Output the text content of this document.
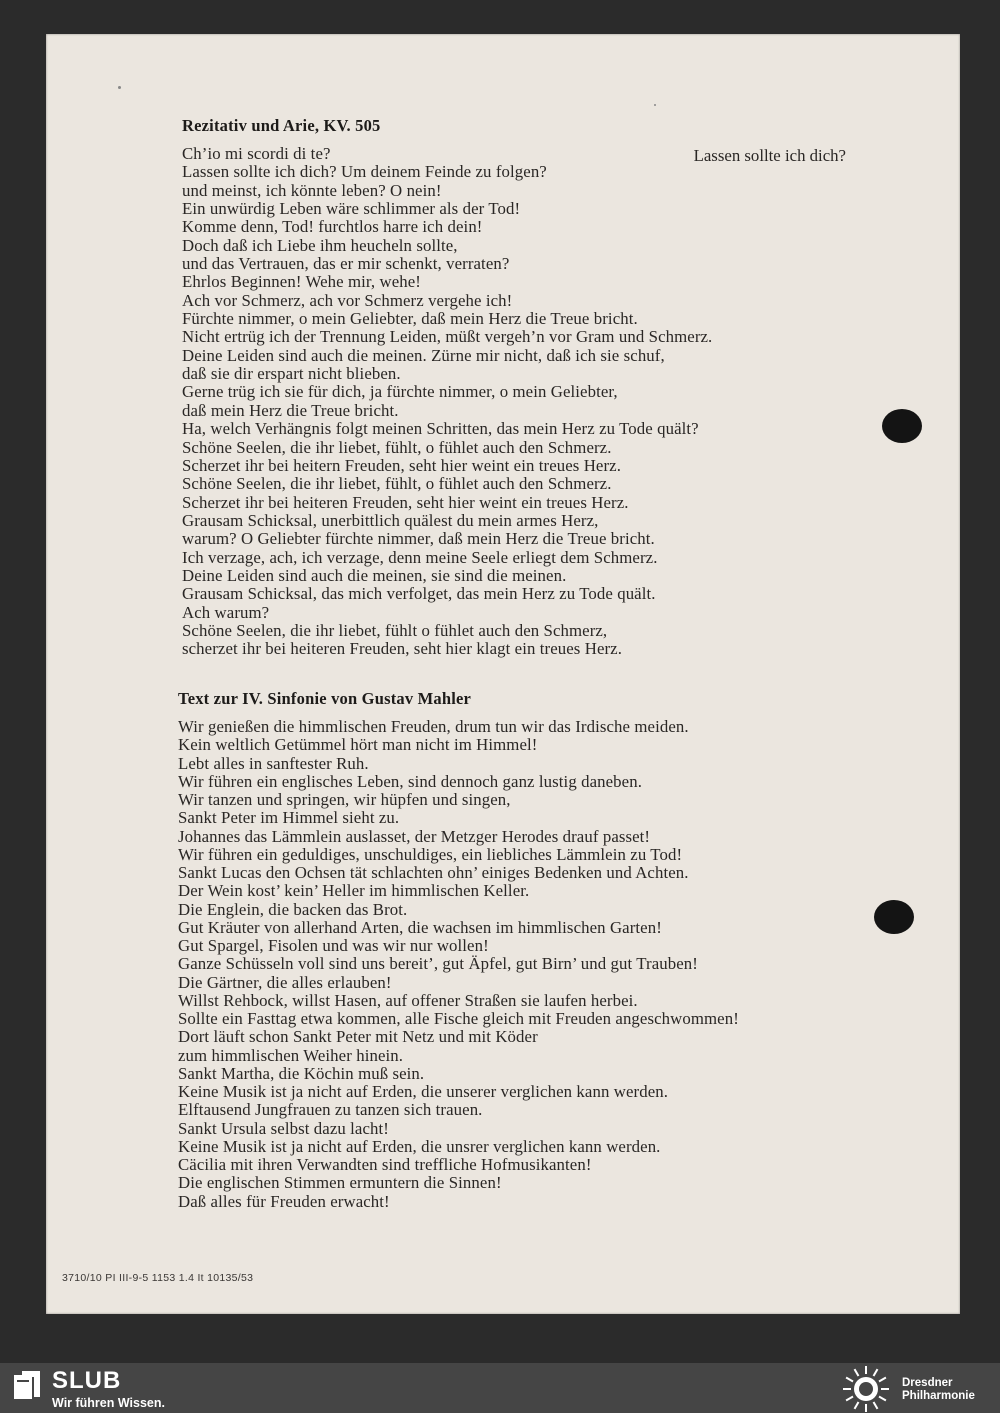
Rezitativ und Arie, KV. 505
Ch’io mi scordi di te?
Lassen sollte ich dich? Um deinem Feinde zu folgen?
und meinst, ich könnte leben? O nein!
Ein unwürdig Leben wäre schlimmer als der Tod!
Komme denn, Tod! furchtlos harre ich dein!
Doch daß ich Liebe ihm heucheln sollte,
und das Vertrauen, das er mir schenkt, verraten?
Ehrlos Beginnen! Wehe mir, wehe!
Ach vor Schmerz, ach vor Schmerz vergehe ich!
Fürchte nimmer, o mein Geliebter, daß mein Herz die Treue bricht.
Nicht ertrüg ich der Trennung Leiden, müßt vergeh’n vor Gram und Schmerz.
Deine Leiden sind auch die meinen. Zürne mir nicht, daß ich sie schuf,
daß sie dir erspart nicht blieben.
Gerne trüg ich sie für dich, ja fürchte nimmer, o mein Geliebter,
daß mein Herz die Treue bricht.
Ha, welch Verhängnis folgt meinen Schritten, das mein Herz zu Tode quält?
Schöne Seelen, die ihr liebet, fühlt, o fühlet auch den Schmerz.
Scherzet ihr bei heitern Freuden, seht hier weint ein treues Herz.
Schöne Seelen, die ihr liebet, fühlt, o fühlet auch den Schmerz.
Scherzet ihr bei heiteren Freuden, seht hier weint ein treues Herz.
Grausam Schicksal, unerbittlich quälest du mein armes Herz,
warum? O Geliebter fürchte nimmer, daß mein Herz die Treue bricht.
Ich verzage, ach, ich verzage, denn meine Seele erliegt dem Schmerz.
Deine Leiden sind auch die meinen, sie sind die meinen.
Grausam Schicksal, das mich verfolget, das mein Herz zu Tode quält.
Ach warum?
Schöne Seelen, die ihr liebet, fühlt o fühlet auch den Schmerz,
scherzet ihr bei heiteren Freuden, seht hier klagt ein treues Herz.
Lassen sollte ich dich?
Text zur IV. Sinfonie von Gustav Mahler
Wir genießen die himmlischen Freuden, drum tun wir das Irdische meiden.
Kein weltlich Getümmel hört man nicht im Himmel!
Lebt alles in sanftester Ruh.
Wir führen ein englisches Leben, sind dennoch ganz lustig daneben.
Wir tanzen und springen, wir hüpfen und singen,
Sankt Peter im Himmel sieht zu.
Johannes das Lämmlein auslasset, der Metzger Herodes drauf passet!
Wir führen ein geduldiges, unschuldiges, ein liebliches Lämmlein zu Tod!
Sankt Lucas den Ochsen tät schlachten ohn’ einiges Bedenken und Achten.
Der Wein kost’ kein’ Heller im himmlischen Keller.
Die Englein, die backen das Brot.
Gut Kräuter von allerhand Arten, die wachsen im himmlischen Garten!
Gut Spargel, Fisolen und was wir nur wollen!
Ganze Schüsseln voll sind uns bereit’, gut Äpfel, gut Birn’ und gut Trauben!
Die Gärtner, die alles erlauben!
Willst Rehbock, willst Hasen, auf offener Straßen sie laufen herbei.
Sollte ein Fasttag etwa kommen, alle Fische gleich mit Freuden angeschwommen!
Dort läuft schon Sankt Peter mit Netz und mit Köder
zum himmlischen Weiher hinein.
Sankt Martha, die Köchin muß sein.
Keine Musik ist ja nicht auf Erden, die unserer verglichen kann werden.
Elftausend Jungfrauen zu tanzen sich trauen.
Sankt Ursula selbst dazu lacht!
Keine Musik ist ja nicht auf Erden, die unsrer verglichen kann werden.
Cäcilia mit ihren Verwandten sind treffliche Hofmusikanten!
Die englischen Stimmen ermuntern die Sinnen!
Daß alles für Freuden erwacht!
3710/10 PI III-9-5 1153 1.4 It 10135/53
SLUB
Wir führen Wissen.
Dresdner
Philharmonie
